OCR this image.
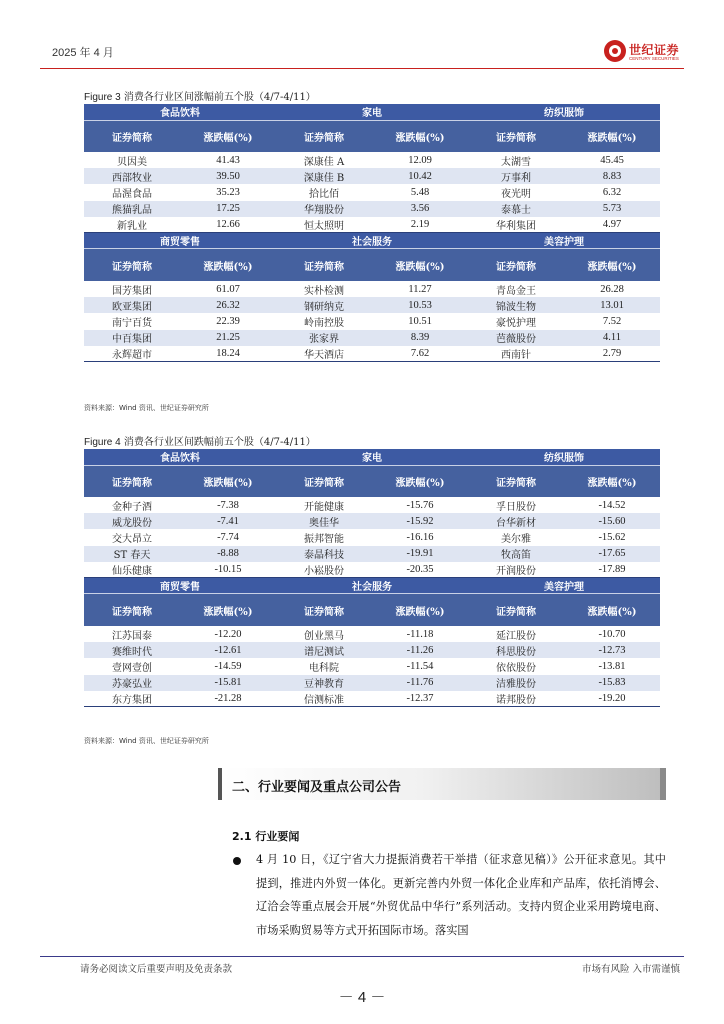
2025 年 4 月	世纪证券
CENTURY SECURITIES
Figure 3 消费各行业区间涨幅前五个股（4/7-4/11）
食品饮料		家电		纺织服饰	
证券简称	涨跌幅(%)	证券简称	涨跌幅(%)	证券简称	涨跌幅(%)
贝因美	41.43	深康佳 A	12.09	太湖雪	45.45
西部牧业	39.50	深康佳 B	10.42	万事利	8.83
品渥食品	35.23	拾比佰	5.48	夜光明	6.32
熊猫乳品	17.25	华翔股份	3.56	泰慕士	5.73
新乳业	12.66	恒太照明	2.19	华利集团	4.97
商贸零售		社会服务		美容护理	
证券简称	涨跌幅(%)	证券简称	涨跌幅(%)	证券简称	涨跌幅(%)
国芳集团	61.07	实朴检测	11.27	青岛金王	26.28
欧亚集团	26.32	钢研纳克	10.53	锦波生物	13.01
南宁百货	22.39	岭南控股	10.51	豪悦护理	7.52
中百集团	21.25	张家界	8.39	芭薇股份	4.11
永辉超市	18.24	华天酒店	7.62	西南针	2.79
资料来源：Wind 资讯、世纪证券研究所
Figure 4 消费各行业区间跌幅前五个股（4/7-4/11）
食品饮料		家电		纺织服饰	
证券简称	涨跌幅(%)	证券简称	涨跌幅(%)	证券简称	涨跌幅(%)
金种子酒	-7.38	开能健康	-15.76	孚日股份	-14.52
威龙股份	-7.41	奥佳华	-15.92	台华新材	-15.60
交大昂立	-7.74	振邦智能	-16.16	美尔雅	-15.62
ST 春天	-8.88	泰晶科技	-19.91	牧高笛	-17.65
仙乐健康	-10.15	小崧股份	-20.35	开润股份	-17.89
商贸零售		社会服务		美容护理	
证券简称	涨跌幅(%)	证券简称	涨跌幅(%)	证券简称	涨跌幅(%)
江苏国泰	-12.20	创业黑马	-11.18	延江股份	-10.70
赛维时代	-12.61	谱尼测试	-11.26	科思股份	-12.73
壹网壹创	-14.59	电科院	-11.54	依依股份	-13.81
苏豪弘业	-15.81	豆神教育	-11.76	洁雅股份	-15.83
东方集团	-21.28	信测标准	-12.37	诺邦股份	-19.20
资料来源：Wind 资讯、世纪证券研究所
二、行业要闻及重点公司公告
2.1 行业要闻
4 月 10 日，《辽宁省大力提振消费若干举措（征求意见稿）》公开征求意见。其中提到，推进内外贸一体化。更新完善内外贸一体化企业库和产品库，依托消博会、辽洽会等重点展会开展“外贸优品中华行”系列活动。支持内贸企业采用跨境电商、市场采购贸易等方式开拓国际市场。落实国
请务必阅读文后重要声明及免责条款	市场有风险 入市需谨慎
－ 4 －
